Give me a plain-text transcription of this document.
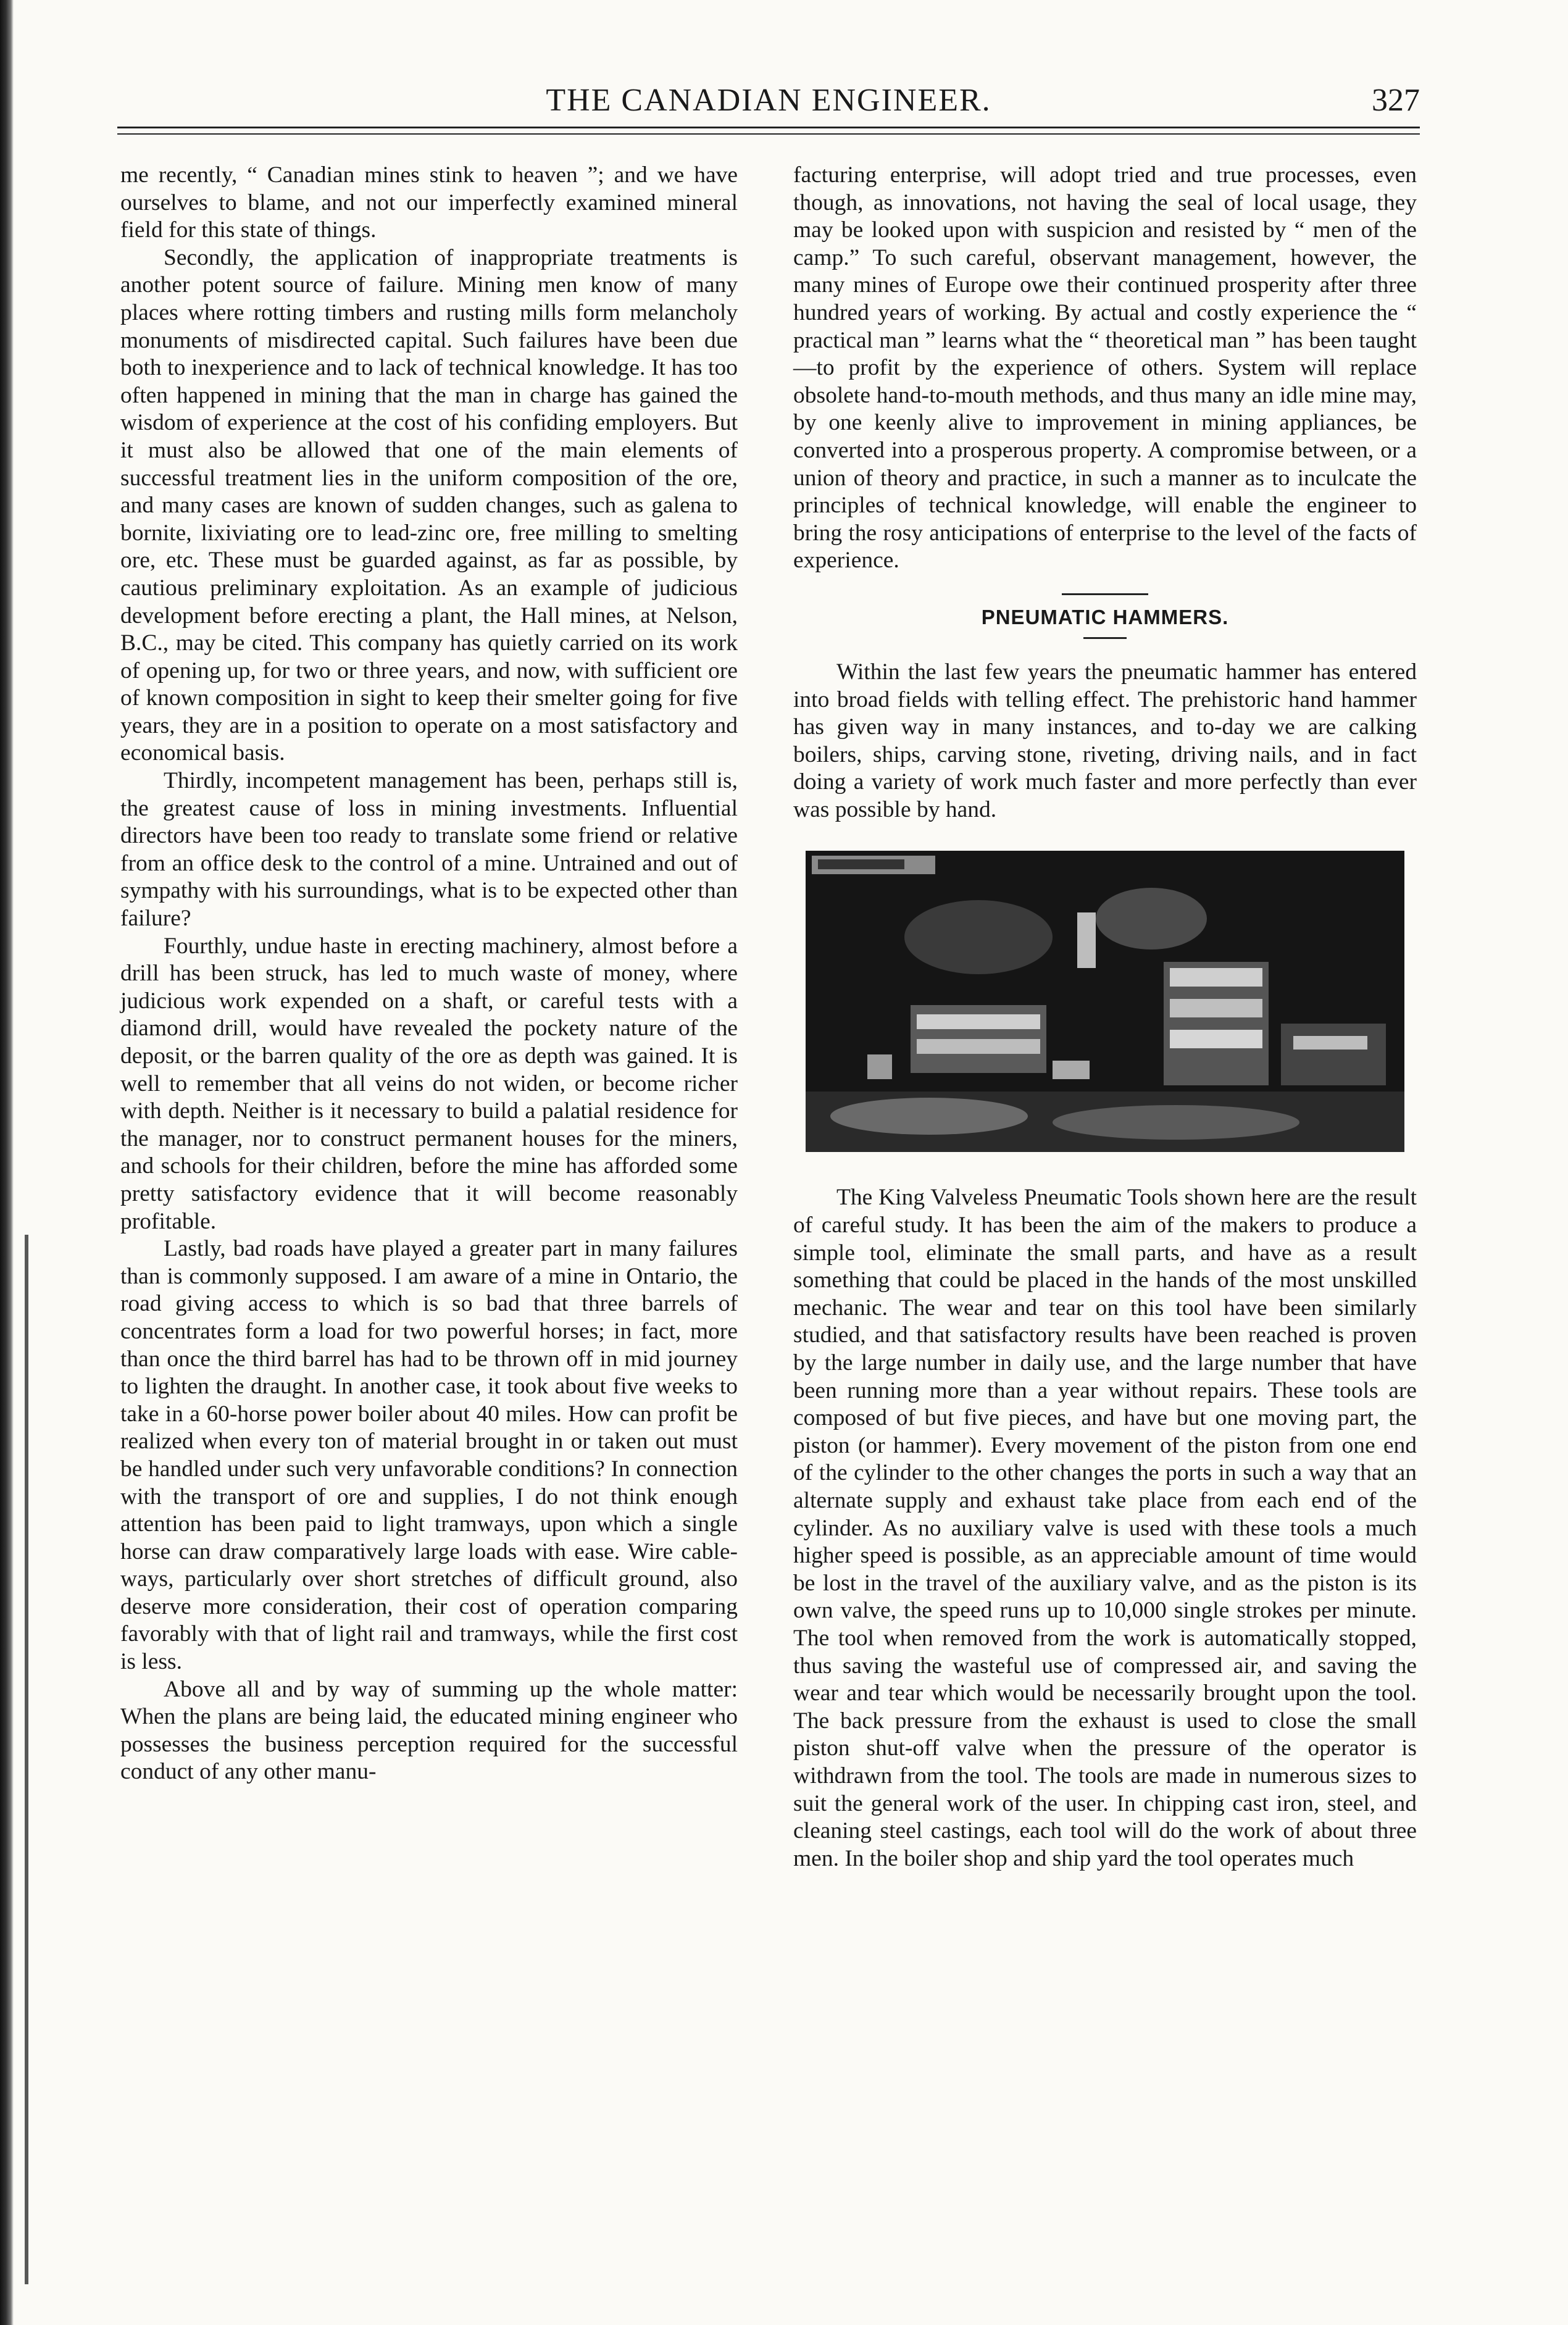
THE CANADIAN ENGINEER.	327

me recently, “ Canadian mines stink to heaven ”; and we have ourselves to blame, and not our imperfectly examined mineral field for this state of things.

Secondly, the application of inappropriate treatments is another potent source of failure. Mining men know of many places where rotting timbers and rusting mills form melancholy monuments of misdirected capital. Such failures have been due both to inexperience and to lack of technical knowledge. It has too often happened in mining that the man in charge has gained the wisdom of experience at the cost of his confiding employers. But it must also be allowed that one of the main elements of successful treatment lies in the uniform composition of the ore, and many cases are known of sudden changes, such as galena to bornite, lixiviating ore to lead-zinc ore, free milling to smelting ore, etc. These must be guarded against, as far as possible, by cautious preliminary exploitation. As an example of judicious development before erecting a plant, the Hall mines, at Nelson, B.C., may be cited. This company has quietly carried on its work of opening up, for two or three years, and now, with sufficient ore of known composition in sight to keep their smelter going for five years, they are in a position to operate on a most satisfactory and economical basis.

Thirdly, incompetent management has been, perhaps still is, the greatest cause of loss in mining investments. Influential directors have been too ready to translate some friend or relative from an office desk to the control of a mine. Untrained and out of sympathy with his surroundings, what is to be expected other than failure?

Fourthly, undue haste in erecting machinery, almost before a drill has been struck, has led to much waste of money, where judicious work expended on a shaft, or careful tests with a diamond drill, would have revealed the pockety nature of the deposit, or the barren quality of the ore as depth was gained. It is well to remember that all veins do not widen, or become richer with depth. Neither is it necessary to build a palatial residence for the manager, nor to construct permanent houses for the miners, and schools for their children, before the mine has afforded some pretty satisfactory evidence that it will become reasonably profitable.

Lastly, bad roads have played a greater part in many failures than is commonly supposed. I am aware of a mine in Ontario, the road giving access to which is so bad that three barrels of concentrates form a load for two powerful horses; in fact, more than once the third barrel has had to be thrown off in mid journey to lighten the draught. In another case, it took about five weeks to take in a 60-horse power boiler about 40 miles. How can profit be realized when every ton of material brought in or taken out must be handled under such very unfavorable conditions? In connection with the transport of ore and supplies, I do not think enough attention has been paid to light tramways, upon which a single horse can draw comparatively large loads with ease. Wire cable-ways, particularly over short stretches of difficult ground, also deserve more consideration, their cost of operation comparing favorably with that of light rail and tramways, while the first cost is less.

Above all and by way of summing up the whole matter: When the plans are being laid, the educated mining engineer who possesses the business perception required for the successful conduct of any other manu-

facturing enterprise, will adopt tried and true processes, even though, as innovations, not having the seal of local usage, they may be looked upon with suspicion and resisted by “ men of the camp.” To such careful, observant management, however, the many mines of Europe owe their continued prosperity after three hundred years of working. By actual and costly experience the “ practical man ” learns what the “ theoretical man ” has been taught—to profit by the experience of others. System will replace obsolete hand-to-mouth methods, and thus many an idle mine may, by one keenly alive to improvement in mining appliances, be converted into a prosperous property. A compromise between, or a union of theory and practice, in such a manner as to inculcate the principles of technical knowledge, will enable the engineer to bring the rosy anticipations of enterprise to the level of the facts of experience.

PNEUMATIC HAMMERS.

Within the last few years the pneumatic hammer has entered into broad fields with telling effect. The prehistoric hand hammer has given way in many instances, and to-day we are calking boilers, ships, carving stone, riveting, driving nails, and in fact doing a variety of work much faster and more perfectly than ever was possible by hand.

The King Valveless Pneumatic Tools shown here are the result of careful study. It has been the aim of the makers to produce a simple tool, eliminate the small parts, and have as a result something that could be placed in the hands of the most unskilled mechanic. The wear and tear on this tool have been similarly studied, and that satisfactory results have been reached is proven by the large number in daily use, and the large number that have been running more than a year without repairs. These tools are composed of but five pieces, and have but one moving part, the piston (or hammer). Every movement of the piston from one end of the cylinder to the other changes the ports in such a way that an alternate supply and exhaust take place from each end of the cylinder. As no auxiliary valve is used with these tools a much higher speed is possible, as an appreciable amount of time would be lost in the travel of the auxiliary valve, and as the piston is its own valve, the speed runs up to 10,000 single strokes per minute. The tool when removed from the work is automatically stopped, thus saving the wasteful use of compressed air, and saving the wear and tear which would be necessarily brought upon the tool. The back pressure from the exhaust is used to close the small piston shut-off valve when the pressure of the operator is withdrawn from the tool. The tools are made in numerous sizes to suit the general work of the user. In chipping cast iron, steel, and cleaning steel castings, each tool will do the work of about three men. In the boiler shop and ship yard the tool operates much
